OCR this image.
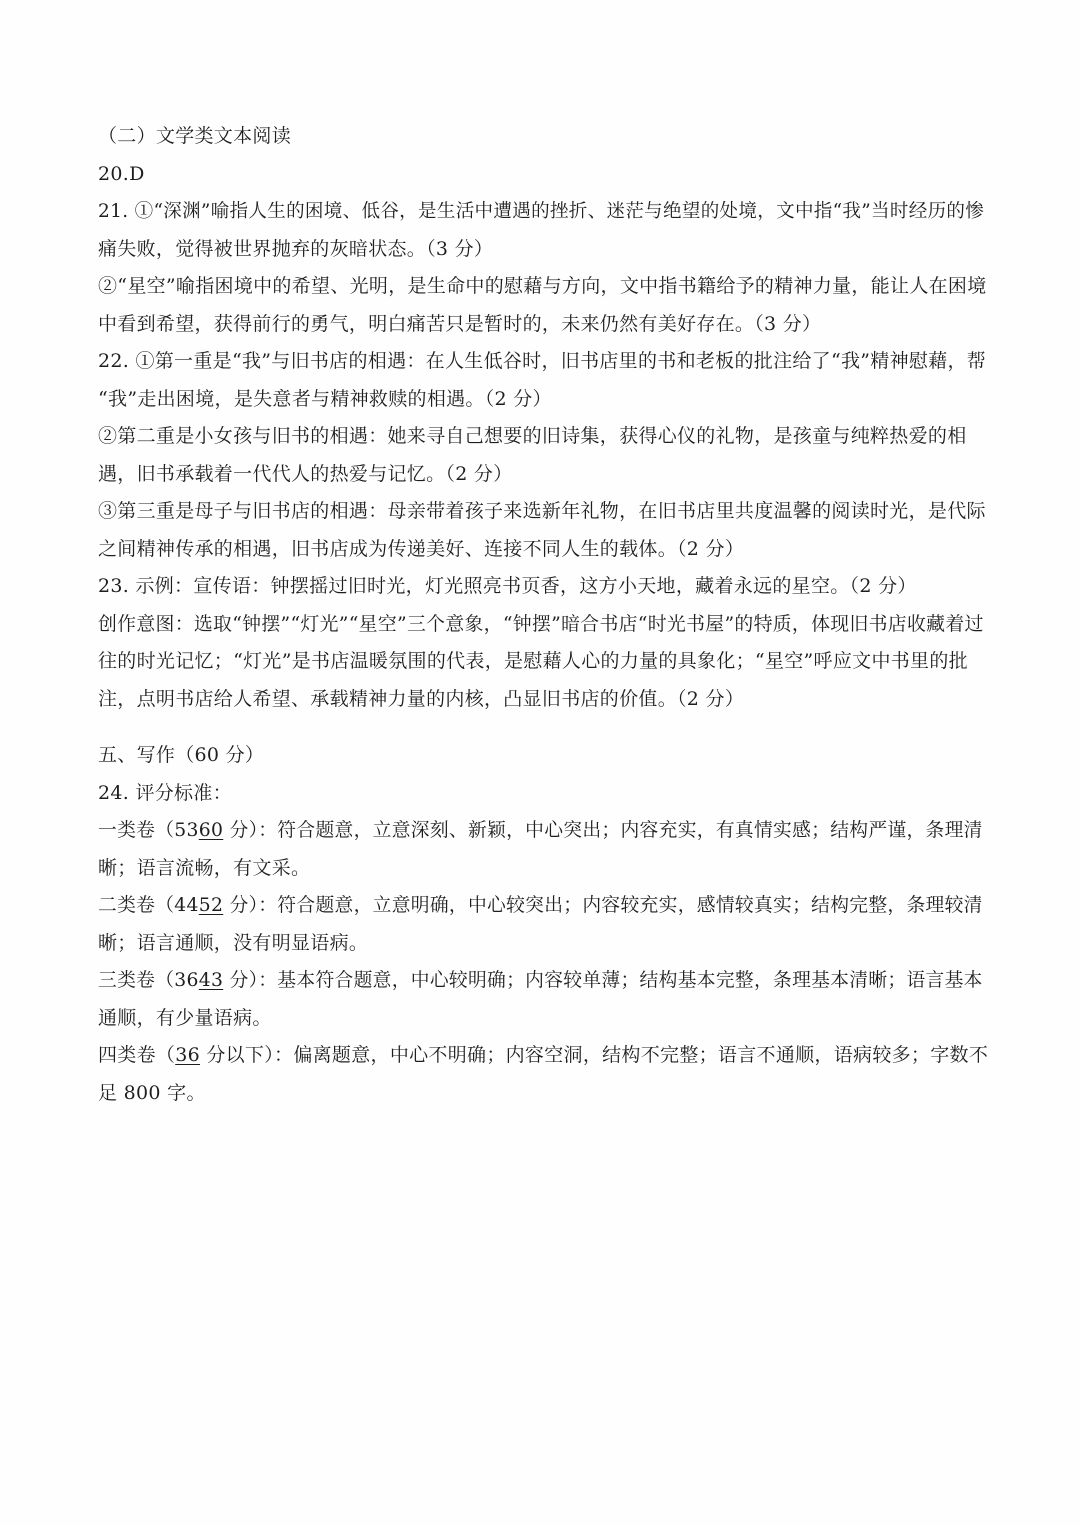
（二）文学类文本阅读
20.D
21. ①“深渊”喻指人生的困境、低谷，是生活中遭遇的挫折、迷茫与绝望的处境，文中指“我”当时经历的惨
痛失败，觉得被世界抛弃的灰暗状态。（3 分）
②“星空”喻指困境中的希望、光明，是生命中的慰藉与方向，文中指书籍给予的精神力量，能让人在困境
中看到希望，获得前行的勇气，明白痛苦只是暂时的，未来仍然有美好存在。（3 分）
22. ①第一重是“我”与旧书店的相遇：在人生低谷时，旧书店里的书和老板的批注给了“我”精神慰藉，帮
“我”走出困境，是失意者与精神救赎的相遇。（2 分）
②第二重是小女孩与旧书的相遇：她来寻自己想要的旧诗集，获得心仪的礼物，是孩童与纯粹热爱的相
遇，旧书承载着一代代人的热爱与记忆。（2 分）
③第三重是母子与旧书店的相遇：母亲带着孩子来选新年礼物，在旧书店里共度温馨的阅读时光，是代际
之间精神传承的相遇，旧书店成为传递美好、连接不同人生的载体。（2 分）
23. 示例：宣传语：钟摆摇过旧时光，灯光照亮书页香，这方小天地，藏着永远的星空。（2 分）
创作意图：选取“钟摆”“灯光”“星空”三个意象，“钟摆”暗合书店“时光书屋”的特质，体现旧书店收藏着过
往的时光记忆；“灯光”是书店温暖氛围的代表，是慰藉人心的力量的具象化；“星空”呼应文中书里的批
注，点明书店给人希望、承载精神力量的内核，凸显旧书店的价值。（2 分）
五、写作（60 分）
24. 评分标准：
一类卷（5360 分）：符合题意，立意深刻、新颖，中心突出；内容充实，有真情实感；结构严谨，条理清
晰；语言流畅，有文采。
二类卷（4452 分）：符合题意，立意明确，中心较突出；内容较充实，感情较真实；结构完整，条理较清
晰；语言通顺，没有明显语病。
三类卷（3643 分）：基本符合题意，中心较明确；内容较单薄；结构基本完整，条理基本清晰；语言基本
通顺，有少量语病。
四类卷（36 分以下）：偏离题意，中心不明确；内容空洞，结构不完整；语言不通顺，语病较多；字数不
足 800 字。
